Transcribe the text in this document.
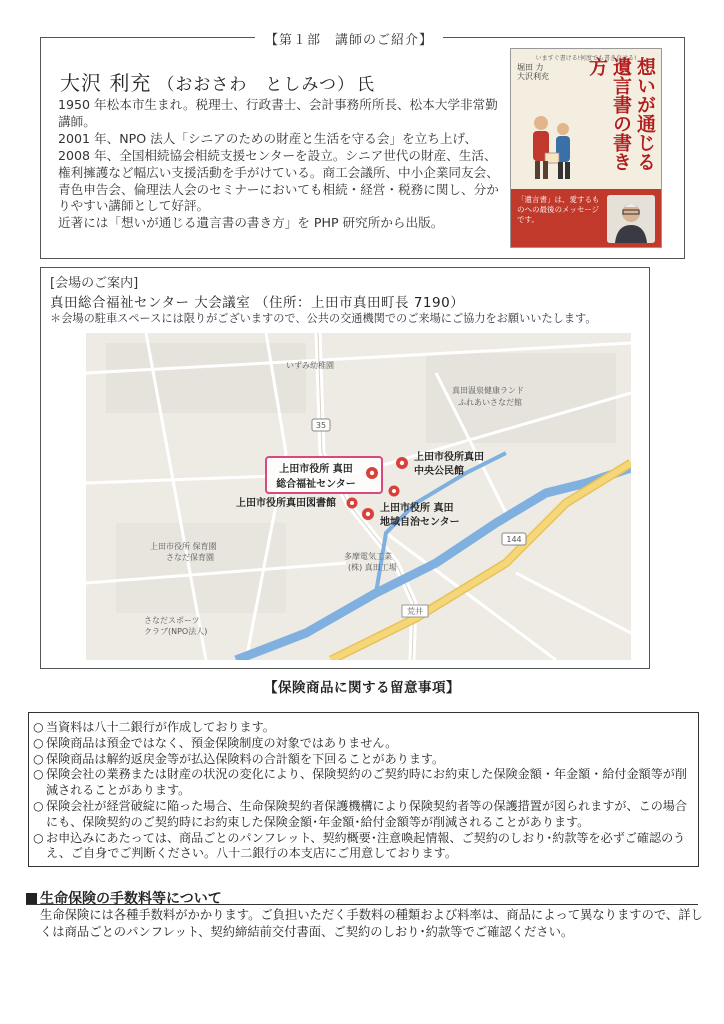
【第１部　講師のご紹介】
大沢 利充 （おおさわ　としみつ） 氏

1950 年松本市生まれ。税理士、行政書士、会計事務所所長、松本大学非常勤講師。

2001 年、NPO 法人「シニアのための財産と生活を守る会」を立ち上げ、2008 年、全国相続協会相続支援センターを設立。シニア世代の財産、生活、権利擁護など幅広い支援活動を手がけている。商工会議所、中小企業同友会、青色申告会、倫理法人会のセミナーにおいても相続・経営・税務に関し、分かりやすい講師として好評。

近著には「想いが通じる遺言書の書き方」を PHP 研究所から出版。

いますぐ書ける!何度でも書き直せる!
堀田 力
大沢利充	想いが通じる遺言書の書き方
「遺言書」は、愛するものへの最後のメッセージです。
[会場のご案内]
真田総合福祉センター 大会議室 （住所：上田市真田町長 7190）
＊会場の駐車スペースには限りがございますので、公共の交通機関でのご来場にご協力をお願いいたします。
35
144
荒井
いずみ幼稚園
真田温泉健康ランド
ふれあいさなだ館
上田市役所 保育園
さなだ保育園	多摩電気工業
(株) 真田工場
さなだスポーツ
クラブ(NPO法人)
上田市役所 真田
総合福祉センター
上田市役所真田
中央公民館
上田市役所真田図書館	上田市役所 真田
地域自治センター
【保険商品に関する留意事項】
○ 当資料は八十二銀行が作成しております。
○ 保険商品は預金ではなく、預金保険制度の対象ではありません。
○ 保険商品は解約返戻金等が払込保険料の合計額を下回ることがあります。
○ 保険会社の業務または財産の状況の変化により、保険契約のご契約時にお約束した保険金額・年金額・給付金額等が削減されることがあります。
○ 保険会社が経営破綻に陥った場合、生命保険契約者保護機構により保険契約者等の保護措置が図られますが、この場合にも、保険契約のご契約時にお約束した保険金額･年金額･給付金額等が削減されることがあります。
○ お申込みにあたっては、商品ごとのパンフレット、契約概要･注意喚起情報、ご契約のしおり･約款等を必ずご確認のうえ、ご自身でご判断ください。八十二銀行の本支店にご用意しております。
生命保険の手数料等について
生命保険には各種手数料がかかります。ご負担いただく手数料の種類および料率は、商品によって異なりますので、詳しくは商品ごとのパンフレット、契約締結前交付書面、ご契約のしおり･約款等でご確認ください。
